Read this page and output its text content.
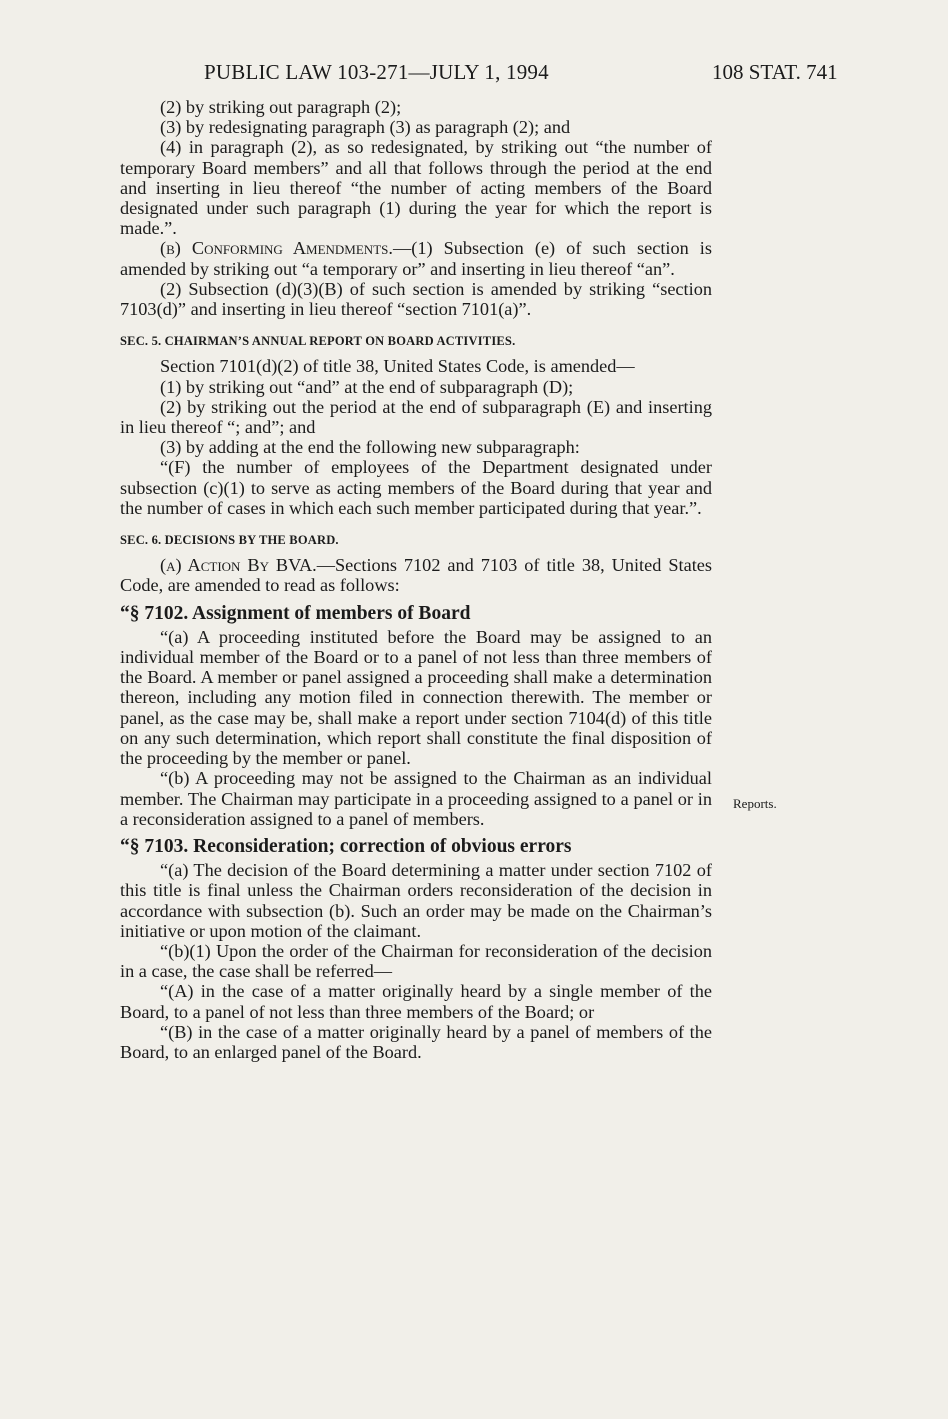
PUBLIC LAW 103-271—JULY 1, 1994	108 STAT. 741

(2) by striking out paragraph (2);

(3) by redesignating paragraph (3) as paragraph (2); and

(4) in paragraph (2), as so redesignated, by striking out “the number of temporary Board members” and all that follows through the period at the end and inserting in lieu thereof “the number of acting members of the Board designated under such paragraph (1) during the year for which the report is made.”.

(b) Conforming Amendments.—(1) Subsection (e) of such section is amended by striking out “a temporary or” and inserting in lieu thereof “an”.

(2) Subsection (d)(3)(B) of such section is amended by striking “section 7103(d)” and inserting in lieu thereof “section 7101(a)”.

SEC. 5. CHAIRMAN’S ANNUAL REPORT ON BOARD ACTIVITIES.

Section 7101(d)(2) of title 38, United States Code, is amended—

(1) by striking out “and” at the end of subparagraph (D);

(2) by striking out the period at the end of subparagraph (E) and inserting in lieu thereof “; and”; and

(3) by adding at the end the following new subparagraph:

“(F) the number of employees of the Department designated under subsection (c)(1) to serve as acting members of the Board during that year and the number of cases in which each such member participated during that year.”.

SEC. 6. DECISIONS BY THE BOARD.

(a) Action By BVA.—Sections 7102 and 7103 of title 38, United States Code, are amended to read as follows:

“§ 7102. Assignment of members of Board

“(a) A proceeding instituted before the Board may be assigned to an individual member of the Board or to a panel of not less than three members of the Board. A member or panel assigned a proceeding shall make a determination thereon, including any motion filed in connection therewith. The member or panel, as the case may be, shall make a report under section 7104(d) of this title on any such determination, which report shall constitute the final disposition of the proceeding by the member or panel.

“(b) A proceeding may not be assigned to the Chairman as an individual member. The Chairman may participate in a proceeding assigned to a panel or in a reconsideration assigned to a panel of members.

“§ 7103. Reconsideration; correction of obvious errors

“(a) The decision of the Board determining a matter under section 7102 of this title is final unless the Chairman orders reconsideration of the decision in accordance with subsection (b). Such an order may be made on the Chairman’s initiative or upon motion of the claimant.

“(b)(1) Upon the order of the Chairman for reconsideration of the decision in a case, the case shall be referred—

“(A) in the case of a matter originally heard by a single member of the Board, to a panel of not less than three members of the Board; or

“(B) in the case of a matter originally heard by a panel of members of the Board, to an enlarged panel of the Board.

Reports.
